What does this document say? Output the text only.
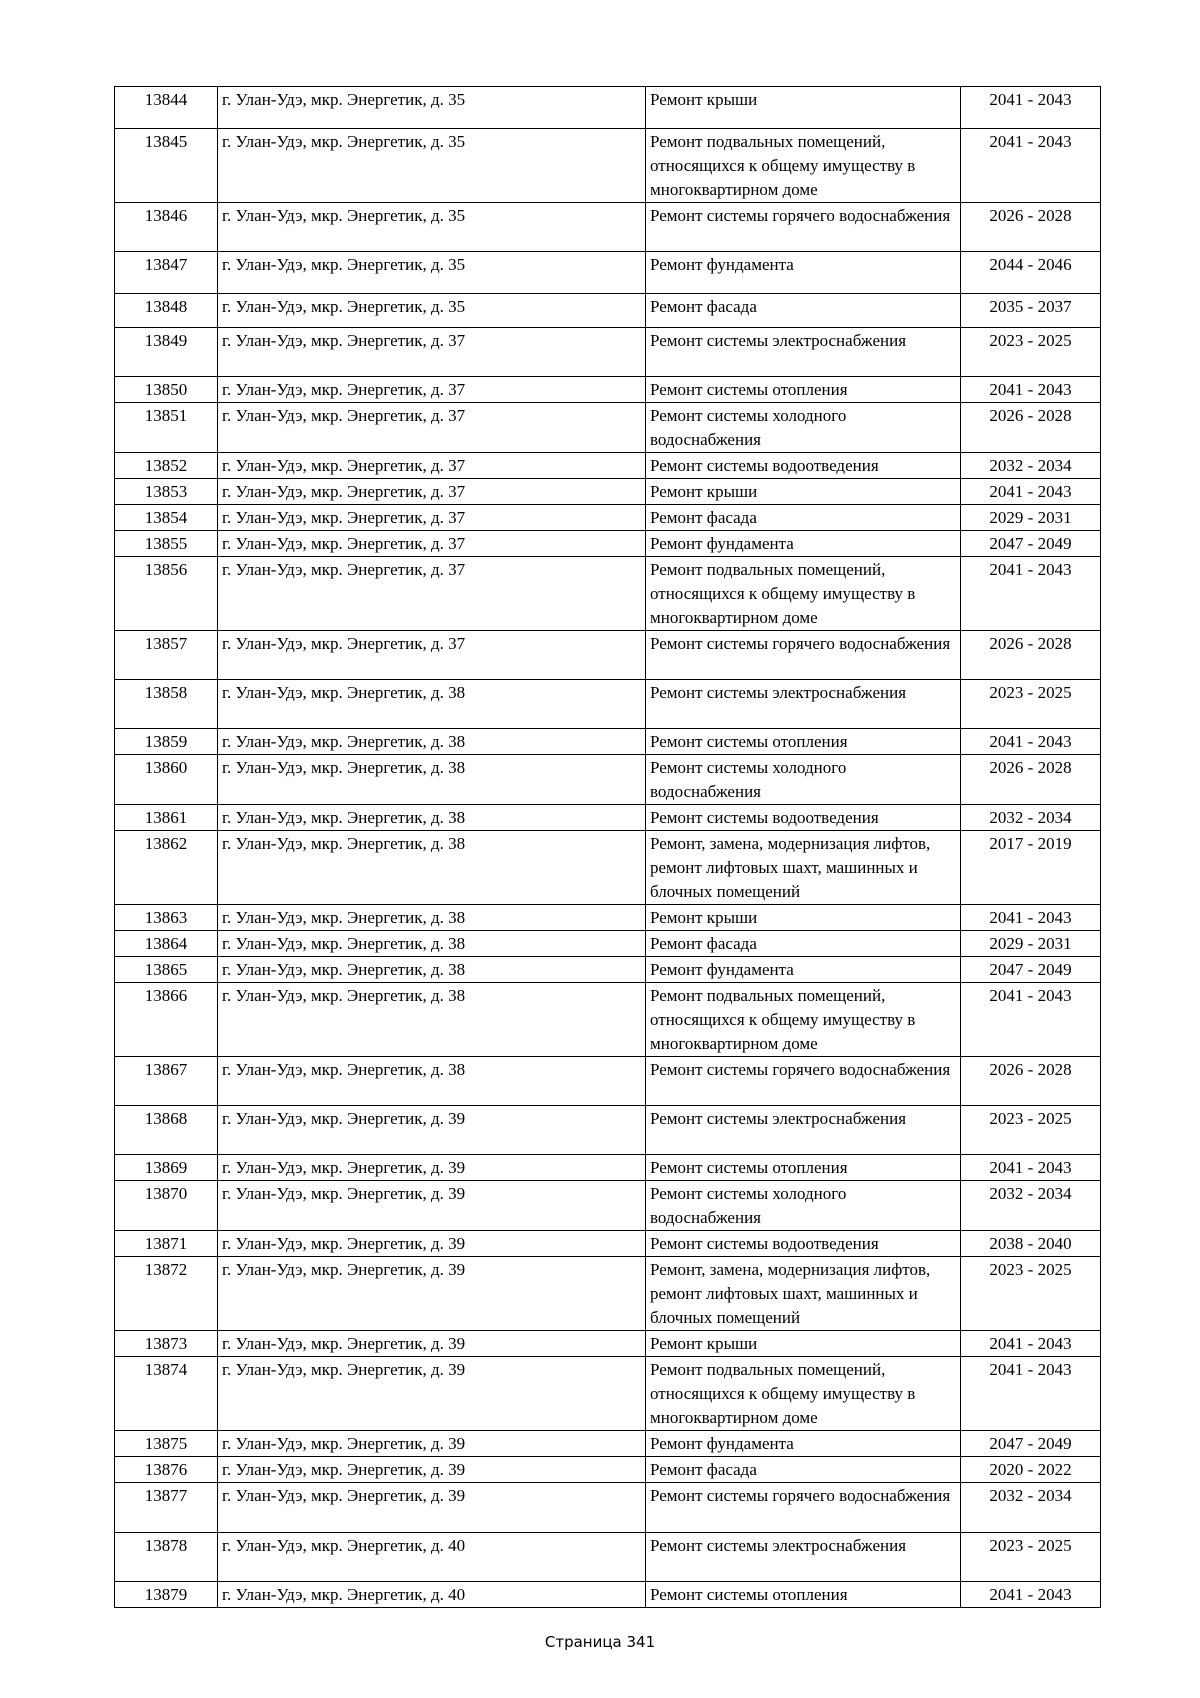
13844	г. Улан-Удэ, мкр. Энергетик, д. 35	Ремонт крыши	2041 - 2043
13845	г. Улан-Удэ, мкр. Энергетик, д. 35	Ремонт подвальных помещений, относящихся к общему имуществу в многоквартирном доме	2041 - 2043
13846	г. Улан-Удэ, мкр. Энергетик, д. 35	Ремонт системы горячего водоснабжения	2026 - 2028
13847	г. Улан-Удэ, мкр. Энергетик, д. 35	Ремонт фундамента	2044 - 2046
13848	г. Улан-Удэ, мкр. Энергетик, д. 35	Ремонт фасада	2035 - 2037
13849	г. Улан-Удэ, мкр. Энергетик, д. 37	Ремонт системы электроснабжения	2023 - 2025
13850	г. Улан-Удэ, мкр. Энергетик, д. 37	Ремонт системы отопления	2041 - 2043
13851	г. Улан-Удэ, мкр. Энергетик, д. 37	Ремонт системы холодного водоснабжения	2026 - 2028
13852	г. Улан-Удэ, мкр. Энергетик, д. 37	Ремонт системы водоотведения	2032 - 2034
13853	г. Улан-Удэ, мкр. Энергетик, д. 37	Ремонт крыши	2041 - 2043
13854	г. Улан-Удэ, мкр. Энергетик, д. 37	Ремонт фасада	2029 - 2031
13855	г. Улан-Удэ, мкр. Энергетик, д. 37	Ремонт фундамента	2047 - 2049
13856	г. Улан-Удэ, мкр. Энергетик, д. 37	Ремонт подвальных помещений, относящихся к общему имуществу в многоквартирном доме	2041 - 2043
13857	г. Улан-Удэ, мкр. Энергетик, д. 37	Ремонт системы горячего водоснабжения	2026 - 2028
13858	г. Улан-Удэ, мкр. Энергетик, д. 38	Ремонт системы электроснабжения	2023 - 2025
13859	г. Улан-Удэ, мкр. Энергетик, д. 38	Ремонт системы отопления	2041 - 2043
13860	г. Улан-Удэ, мкр. Энергетик, д. 38	Ремонт системы холодного водоснабжения	2026 - 2028
13861	г. Улан-Удэ, мкр. Энергетик, д. 38	Ремонт системы водоотведения	2032 - 2034
13862	г. Улан-Удэ, мкр. Энергетик, д. 38	Ремонт, замена, модернизация лифтов, ремонт лифтовых шахт, машинных и блочных помещений	2017 - 2019
13863	г. Улан-Удэ, мкр. Энергетик, д. 38	Ремонт крыши	2041 - 2043
13864	г. Улан-Удэ, мкр. Энергетик, д. 38	Ремонт фасада	2029 - 2031
13865	г. Улан-Удэ, мкр. Энергетик, д. 38	Ремонт фундамента	2047 - 2049
13866	г. Улан-Удэ, мкр. Энергетик, д. 38	Ремонт подвальных помещений, относящихся к общему имуществу в многоквартирном доме	2041 - 2043
13867	г. Улан-Удэ, мкр. Энергетик, д. 38	Ремонт системы горячего водоснабжения	2026 - 2028
13868	г. Улан-Удэ, мкр. Энергетик, д. 39	Ремонт системы электроснабжения	2023 - 2025
13869	г. Улан-Удэ, мкр. Энергетик, д. 39	Ремонт системы отопления	2041 - 2043
13870	г. Улан-Удэ, мкр. Энергетик, д. 39	Ремонт системы холодного водоснабжения	2032 - 2034
13871	г. Улан-Удэ, мкр. Энергетик, д. 39	Ремонт системы водоотведения	2038 - 2040
13872	г. Улан-Удэ, мкр. Энергетик, д. 39	Ремонт, замена, модернизация лифтов, ремонт лифтовых шахт, машинных и блочных помещений	2023 - 2025
13873	г. Улан-Удэ, мкр. Энергетик, д. 39	Ремонт крыши	2041 - 2043
13874	г. Улан-Удэ, мкр. Энергетик, д. 39	Ремонт подвальных помещений, относящихся к общему имуществу в многоквартирном доме	2041 - 2043
13875	г. Улан-Удэ, мкр. Энергетик, д. 39	Ремонт фундамента	2047 - 2049
13876	г. Улан-Удэ, мкр. Энергетик, д. 39	Ремонт фасада	2020 - 2022
13877	г. Улан-Удэ, мкр. Энергетик, д. 39	Ремонт системы горячего водоснабжения	2032 - 2034
13878	г. Улан-Удэ, мкр. Энергетик, д. 40	Ремонт системы электроснабжения	2023 - 2025
13879	г. Улан-Удэ, мкр. Энергетик, д. 40	Ремонт системы отопления	2041 - 2043
Страница 341
